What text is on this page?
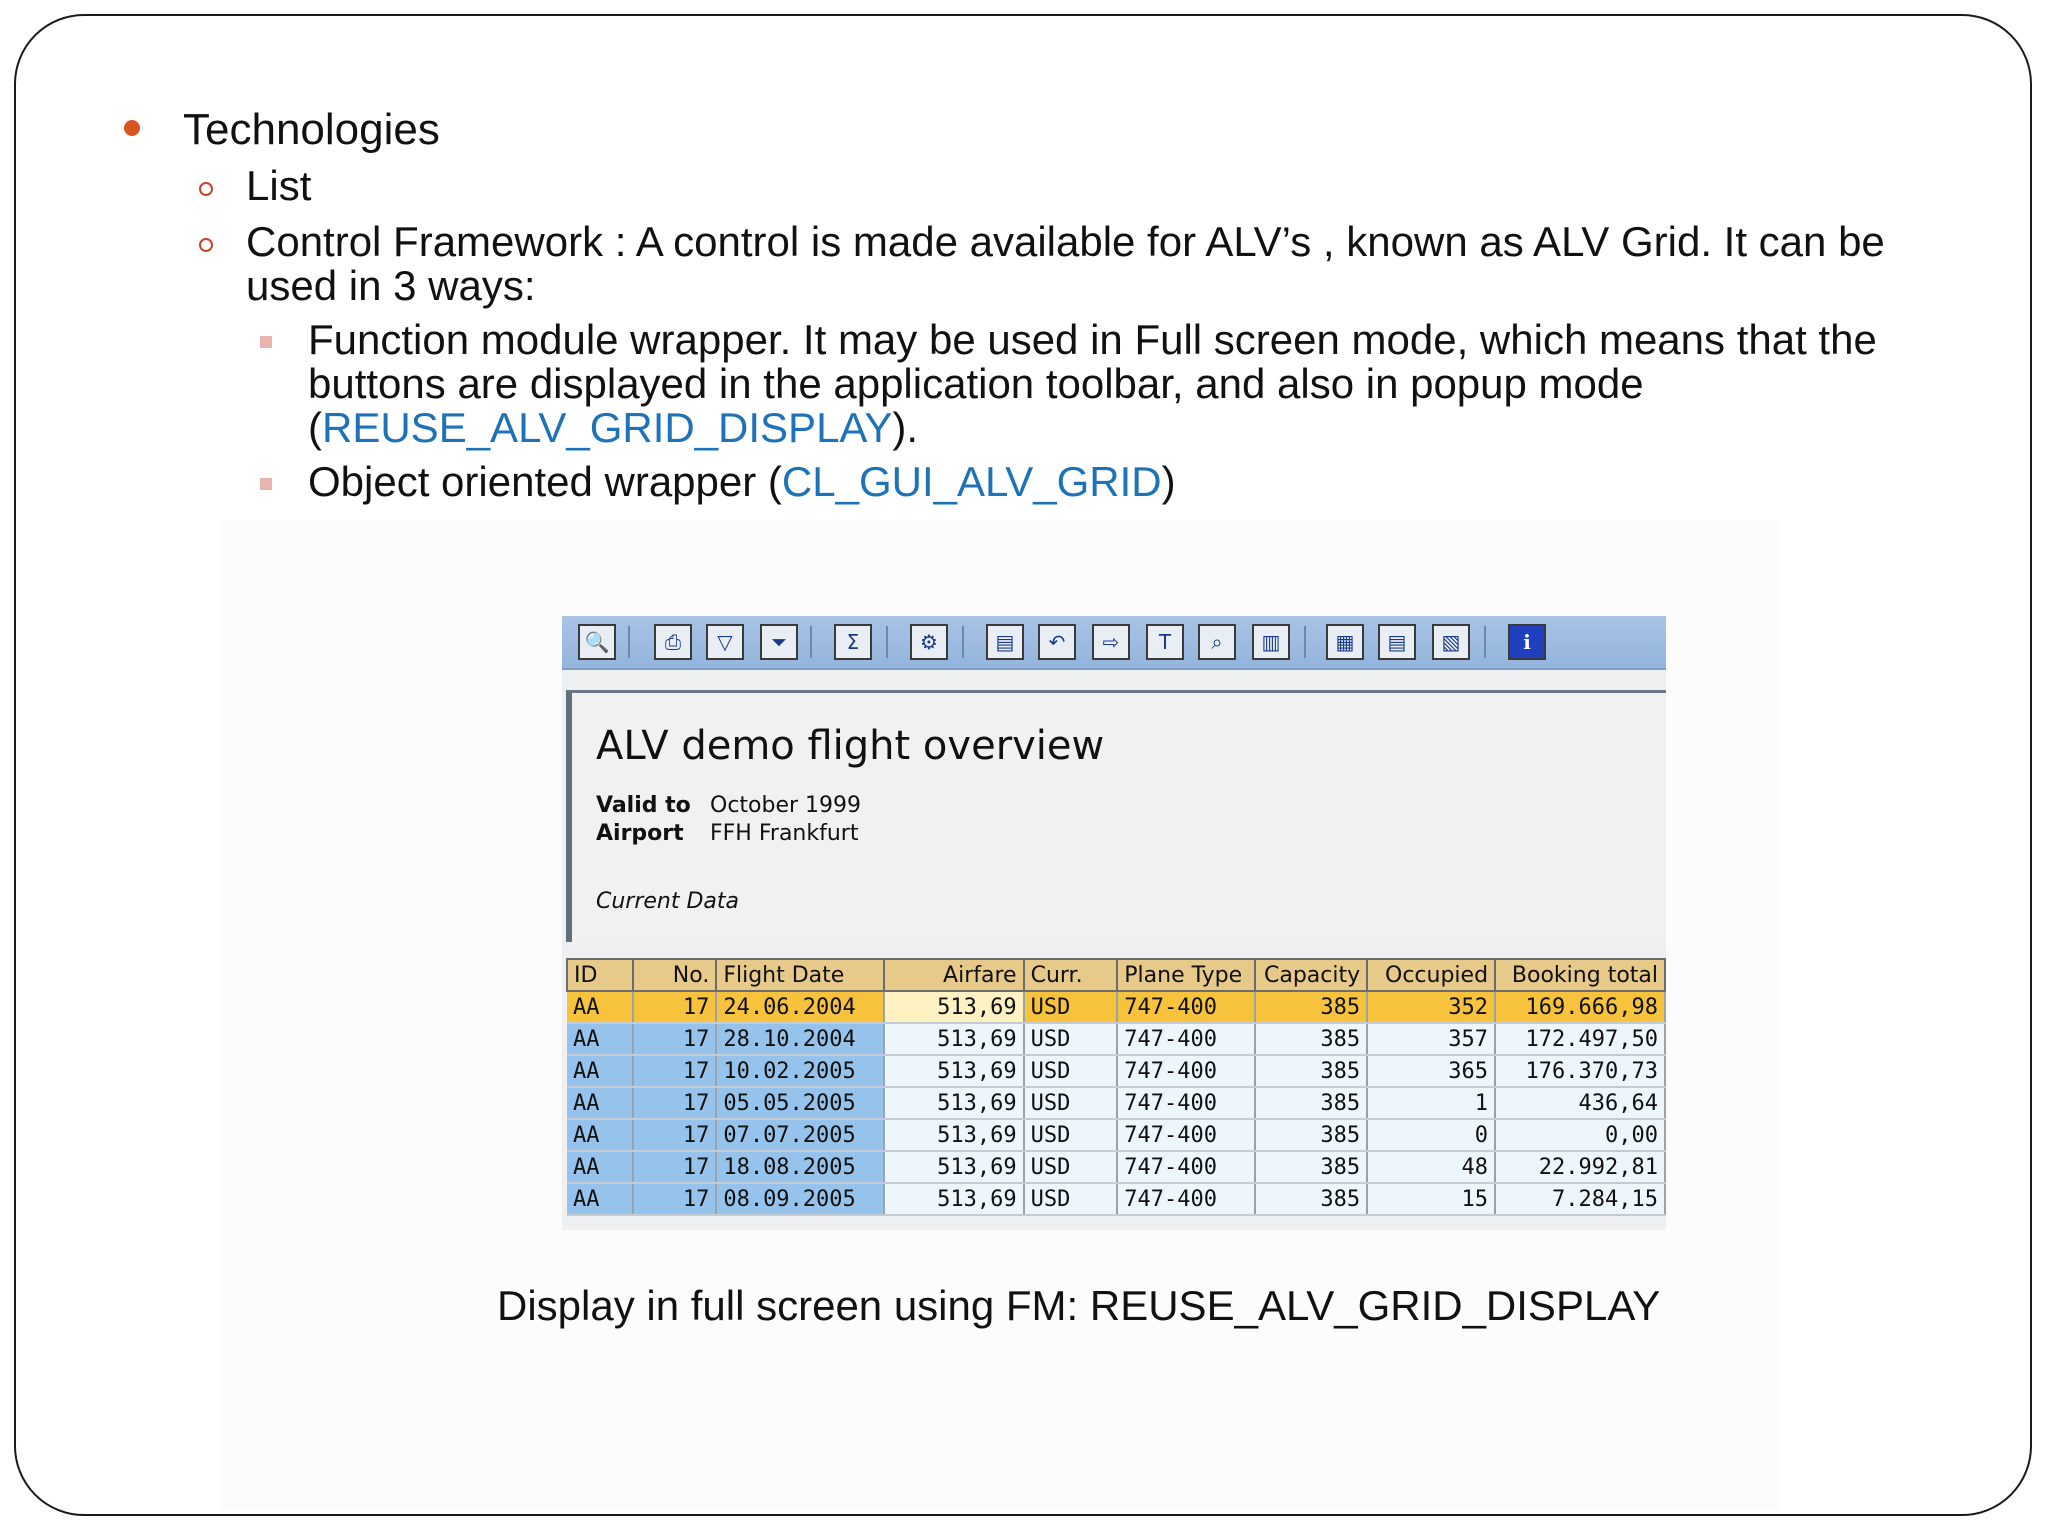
Technologies
List
Control Framework : A control is made available for ALV’s , known as ALV Grid. It can be used in 3 ways:
Function module wrapper. It may be used in Full screen mode, which means that the buttons are displayed in the application toolbar, and also in popup mode (REUSE_ALV_GRID_DISPLAY).
Object oriented wrapper (CL_GUI_ALV_GRID)
🔍	⎙	▽	⏷	Σ	⚙	▤	↶	⇨	T	⌕	▥	▦	▤	▧	i
ALV demo flight overview
Valid to October 1999
Airport FFH Frankfurt
Current Data
ID	No.	Flight Date	Airfare	Curr.	Plane Type	Capacity	Occupied	Booking total
AA	17	24.06.2004	513,69	USD	747-400	385	352	169.666,98
AA	17	28.10.2004	513,69	USD	747-400	385	357	172.497,50
AA	17	10.02.2005	513,69	USD	747-400	385	365	176.370,73
AA	17	05.05.2005	513,69	USD	747-400	385	1	436,64
AA	17	07.07.2005	513,69	USD	747-400	385	0	0,00
AA	17	18.08.2005	513,69	USD	747-400	385	48	22.992,81
AA	17	08.09.2005	513,69	USD	747-400	385	15	7.284,15
Display in full screen using FM: REUSE_ALV_GRID_DISPLAY
